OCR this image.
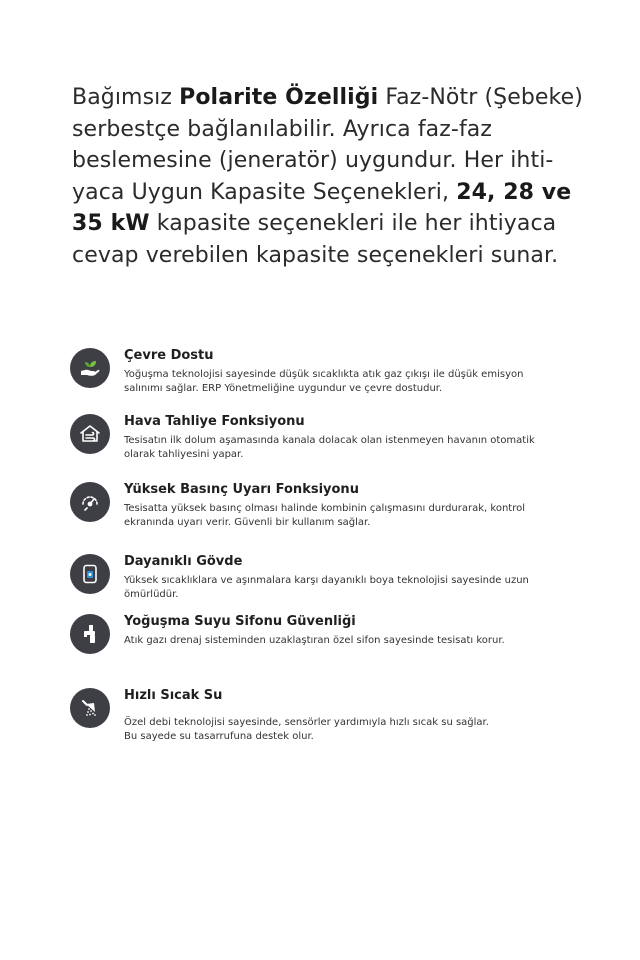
Bağımsız Polarite Özelliği Faz-Nötr (Şebeke)
serbestçe bağlanılabilir. Ayrıca faz-faz
beslemesine (jeneratör) uygundur. Her ihti-
yaca Uygun Kapasite Seçenekleri, 24, 28 ve
35 kW kapasite seçenekleri ile her ihtiyaca
cevap verebilen kapasite seçenekleri sunar.
Çevre Dostu
Yoğuşma teknolojisi sayesinde düşük sıcaklıkta atık gaz çıkışı ile düşük emisyon
salınımı sağlar. ERP Yönetmeliğine uygundur ve çevre dostudur.
Hava Tahliye Fonksiyonu
Tesisatın ilk dolum aşamasında kanala dolacak olan istenmeyen havanın otomatik
olarak tahliyesini yapar.
Yüksek Basınç Uyarı Fonksiyonu
Tesisatta yüksek basınç olması halinde kombinin çalışmasını durdurarak, kontrol
ekranında uyarı verir. Güvenli bir kullanım sağlar.
Dayanıklı Gövde
Yüksek sıcaklıklara ve aşınmalara karşı dayanıklı boya teknolojisi sayesinde uzun
ömürlüdür.
Yoğuşma Suyu Sifonu Güvenliği
Atık gazı drenaj sisteminden uzaklaştıran özel sifon sayesinde tesisatı korur.
Hızlı Sıcak Su
Özel debi teknolojisi sayesinde, sensörler yardımıyla hızlı sıcak su sağlar.
Bu sayede su tasarrufuna destek olur.
